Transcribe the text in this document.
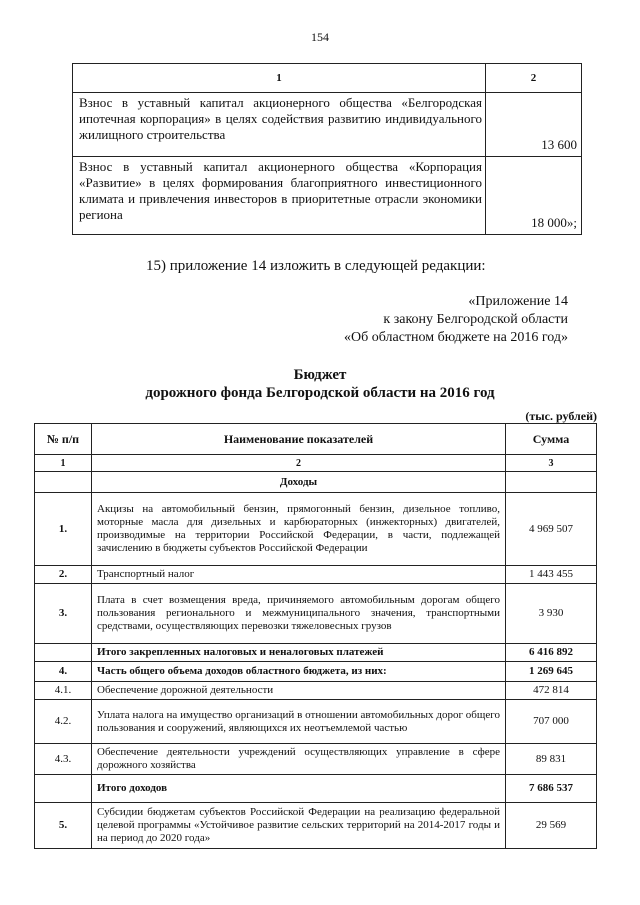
154
1	2
Взнос в уставный капитал акционерного общества «Белгородская ипотечная корпорация» в целях содействия развитию индивидуального жилищного строительства	13 600
Взнос в уставный капитал акционерного общества «Корпорация «Развитие» в целях формирования благоприятного инвестиционного климата и привлечения инвесторов в приоритетные отрасли экономики региона	18 000»;
15) приложение 14 изложить в следующей редакции:
«Приложение 14
к закону Белгородской области
«Об областном бюджете на 2016 год»
Бюджет
дорожного фонда Белгородской области на 2016 год
(тыс. рублей)
№ п/п	Наименование показателей	Сумма
1	2	3
	Доходы	
1.	Акцизы на автомобильный бензин, прямогонный бензин, дизельное топливо, моторные масла для дизельных и карбюраторных (инжекторных) двигателей, производимые на территории Российской Федерации, в части, подлежащей зачислению в бюджеты субъектов Российской Федерации	4 969 507
2.	Транспортный налог	1 443 455
3.	Плата в счет возмещения вреда, причиняемого автомобильным дорогам общего пользования регионального и межмуниципального значения, транспортными средствами, осуществляющих перевозки тяжеловесных грузов	3 930
	Итого закрепленных налоговых и неналоговых платежей	6 416 892
4.	Часть общего объема доходов областного бюджета, из них:	1 269 645
4.1.	Обеспечение дорожной деятельности	472 814
4.2.	Уплата налога на имущество организаций в отношении автомобильных дорог общего пользования и сооружений, являющихся их неотъемлемой частью	707 000
4.3.	Обеспечение деятельности учреждений осуществляющих управление в сфере дорожного хозяйства	89 831
	Итого доходов	7 686 537
5.	Субсидии бюджетам субъектов Российской Федерации на реализацию федеральной целевой программы «Устойчивое развитие сельских территорий на 2014-2017 годы и на период до 2020 года»	29 569
